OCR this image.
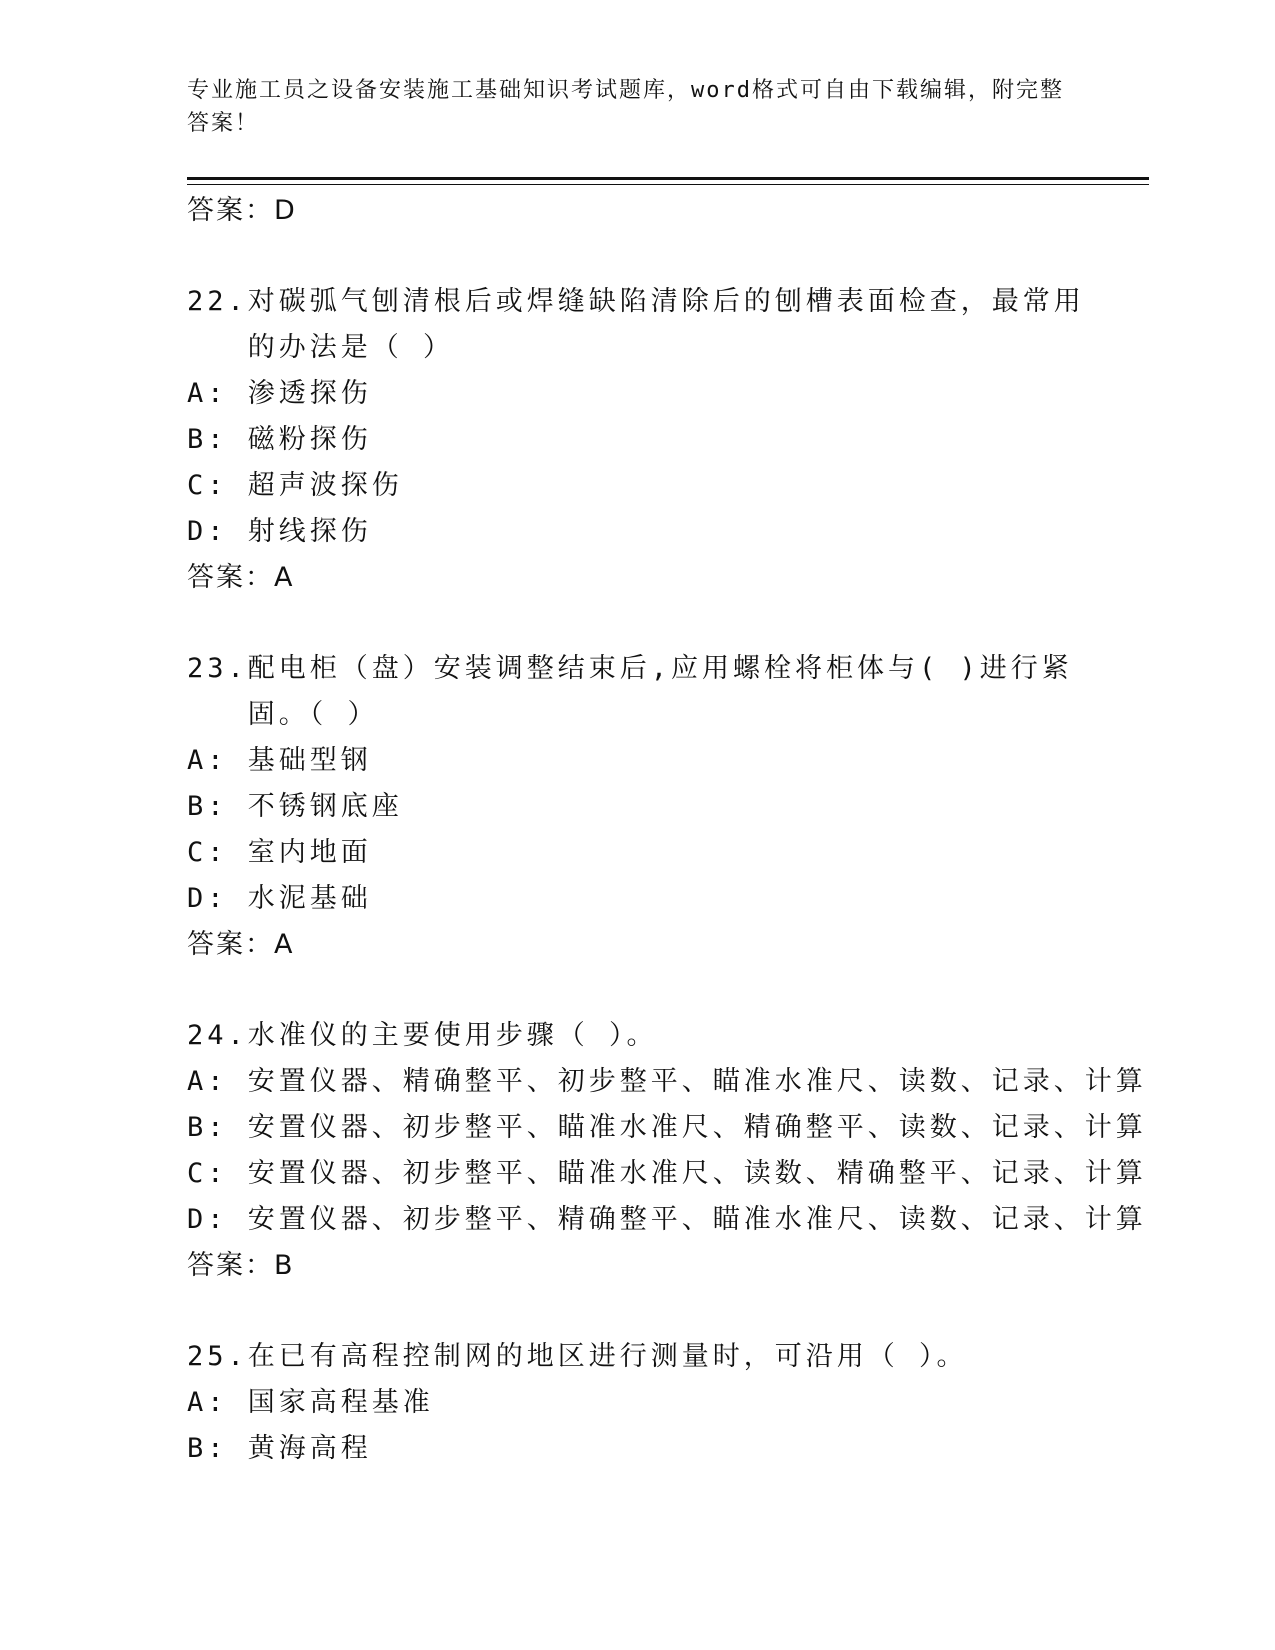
专业施工员之设备安装施工基础知识考试题库，word格式可自由下载编辑，附完整答案！
答案：D
22. 对碳弧气刨清根后或焊缝缺陷清除后的刨槽表面检查，最常用的办法是（ ）
A: 渗透探伤
B: 磁粉探伤
C: 超声波探伤
D: 射线探伤
答案：A
23. 配电柜（盘）安装调整结束后,应用螺栓将柜体与( )进行紧固。（ ）
A: 基础型钢
B: 不锈钢底座
C: 室内地面
D: 水泥基础
答案：A
24. 水准仪的主要使用步骤（ ）。
A: 安置仪器、精确整平、初步整平、瞄准水准尺、读数、记录、计算
B: 安置仪器、初步整平、瞄准水准尺、精确整平、读数、记录、计算
C: 安置仪器、初步整平、瞄准水准尺、读数、精确整平、记录、计算
D: 安置仪器、初步整平、精确整平、瞄准水准尺、读数、记录、计算
答案：B
25. 在已有高程控制网的地区进行测量时，可沿用（ ）。
A: 国家高程基准
B: 黄海高程
